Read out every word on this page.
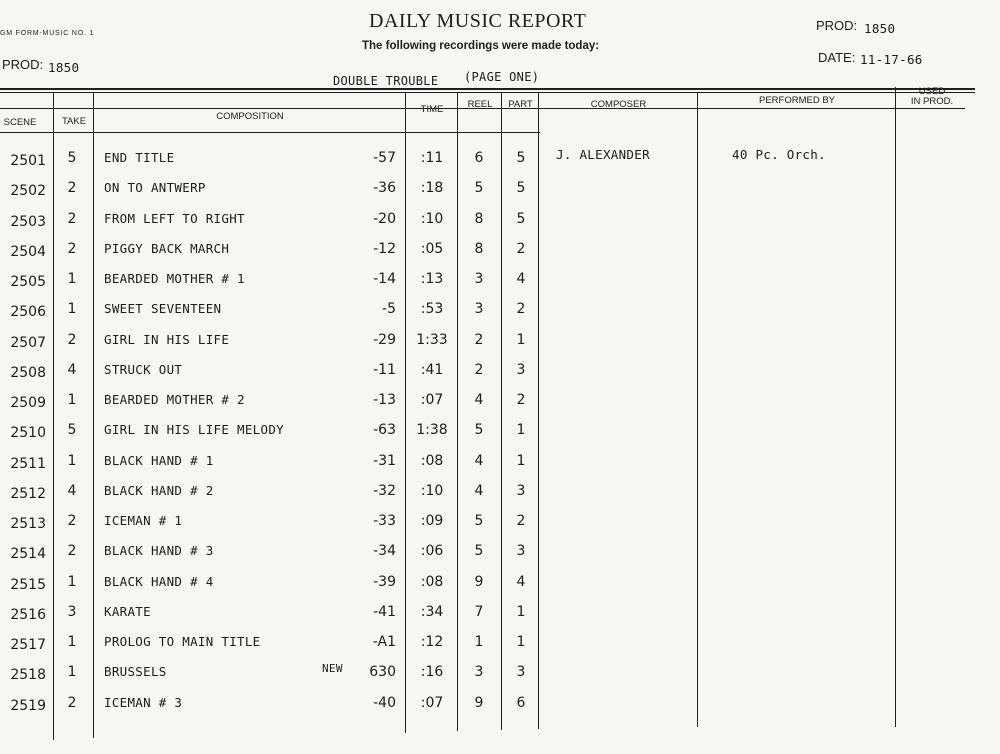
GM FORM-MUSIC NO. 1
DAILY MUSIC REPORT
The following recordings were made today:
PROD: 1850
PROD: 1850
DATE: 11-17-66
DOUBLE TROUBLE (PAGE ONE)
SCENE	TAKE	COMPOSITION
TIME	REEL	PART	COMPOSER	PERFORMED BY
USED
IN PROD.
2501	5	END TITLE	-57	:11	6	5	J. ALEXANDER	40 Pc. Orch.
2502	2	ON TO ANTWERP	-36	:18	5	5
2503	2	FROM LEFT TO RIGHT	-20	:10	8	5
2504	2	PIGGY BACK MARCH	-12	:05	8	2
2505	1	BEARDED MOTHER # 1	-14	:13	3	4
2506	1	SWEET SEVENTEEN	-5	:53	3	2
2507	2	GIRL IN HIS LIFE	-29	1:33	2	1
2508	4	STRUCK OUT	-11	:41	2	3
2509	1	BEARDED MOTHER # 2	-13	:07	4	2
2510	5	GIRL IN HIS LIFE MELODY	-63	1:38	5	1
2511	1	BLACK HAND # 1	-31	:08	4	1
2512	4	BLACK HAND # 2	-32	:10	4	3
2513	2	ICEMAN # 1	-33	:09	5	2
2514	2	BLACK HAND # 3	-34	:06	5	3
2515	1	BLACK HAND # 4	-39	:08	9	4
2516	3	KARATE	-41	:34	7	1
2517	1	PROLOG TO MAIN TITLE	-A1	:12	1	1
2518	1	BRUSSELS	NEW	630	:16	3	3
2519	2	ICEMAN # 3	-40	:07	9	6
